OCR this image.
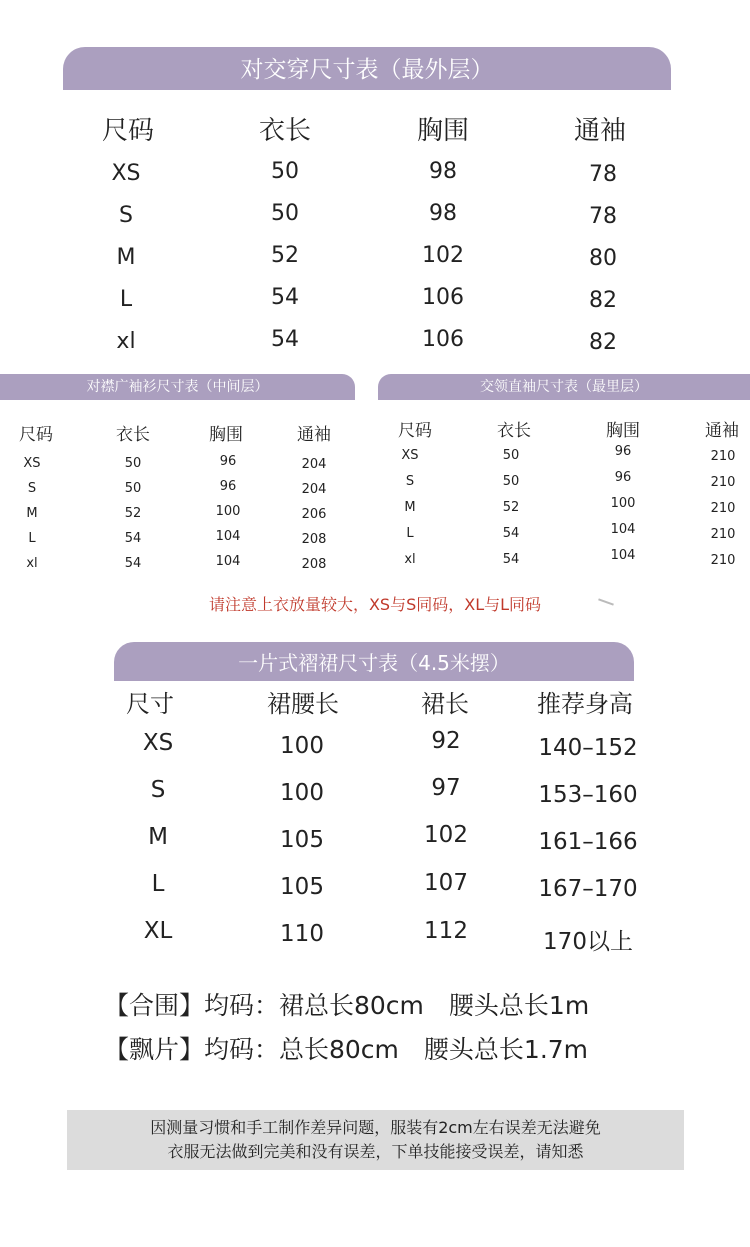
对交穿尺寸表（最外层）
尺码	衣长	胸围	通袖
XS	50	98	78
S	50	98	78
M	52	102	80
L	54	106	82
xl	54	106	82
对襟广袖衫尺寸表（中间层）
尺码	衣长	胸围	通袖
XS	50	96	204
S	50	96	204
M	52	100	206
L	54	104	208
xl	54	104	208
交领直袖尺寸表（最里层）
尺码	衣长	胸围	通袖
XS	50	96	210
S	50	96	210
M	52	100	210
L	54	104	210
xl	54	104	210
请注意上衣放量较大，XS与S同码，XL与L同码
一片式褶裙尺寸表（4.5米摆）
尺寸	裙腰长	裙长	推荐身高
XS	100	92	140–152
S	100	97	153–160
M	105	102	161–166
L	105	107	167–170
XL	110	112	170以上
【合围】均码：裙总长80cm　腰头总长1m
【飘片】均码：总长80cm　腰头总长1.7m
因测量习惯和手工制作差异问题，服装有2cm左右误差无法避免
衣服无法做到完美和没有误差，下单技能接受误差，请知悉
